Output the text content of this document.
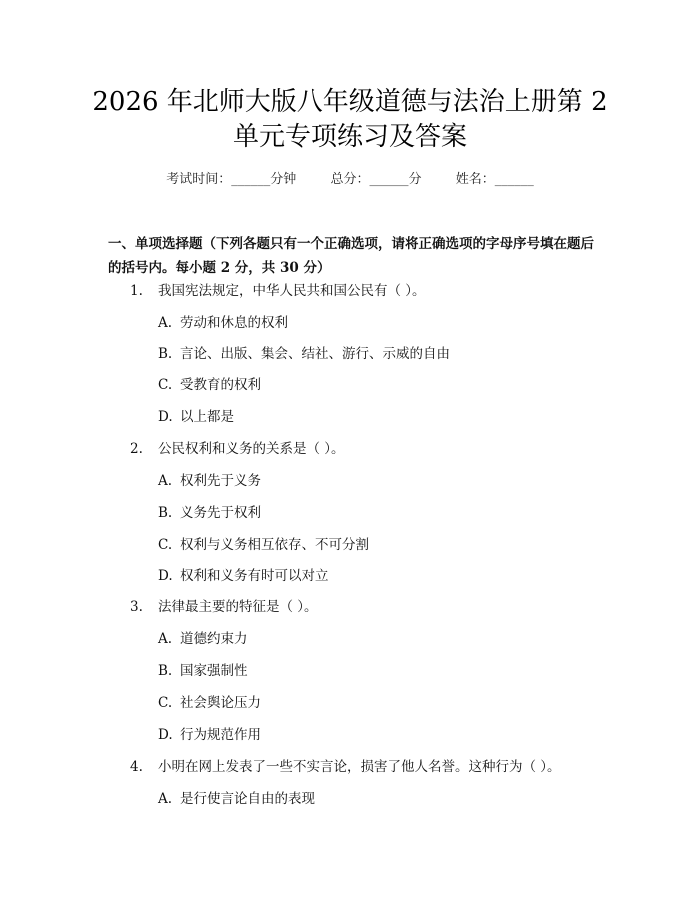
2026 年北师大版八年级道德与法治上册第 2
单元专项练习及答案
考试时间：______分钟	总分：______分	姓名：______
一、单项选择题（下列各题只有一个正确选项，请将正确选项的字母序号填在题后的括号内。每小题 2 分，共 30 分）
1. 我国宪法规定，中华人民共和国公民有（ ）。
A. 劳动和休息的权利
B. 言论、出版、集会、结社、游行、示威的自由
C. 受教育的权利
D. 以上都是
2. 公民权利和义务的关系是（ ）。
A. 权利先于义务
B. 义务先于权利
C. 权利与义务相互依存、不可分割
D. 权利和义务有时可以对立
3. 法律最主要的特征是（ ）。
A. 道德约束力
B. 国家强制性
C. 社会舆论压力
D. 行为规范作用
4. 小明在网上发表了一些不实言论，损害了他人名誉。这种行为（ ）。
A. 是行使言论自由的表现
